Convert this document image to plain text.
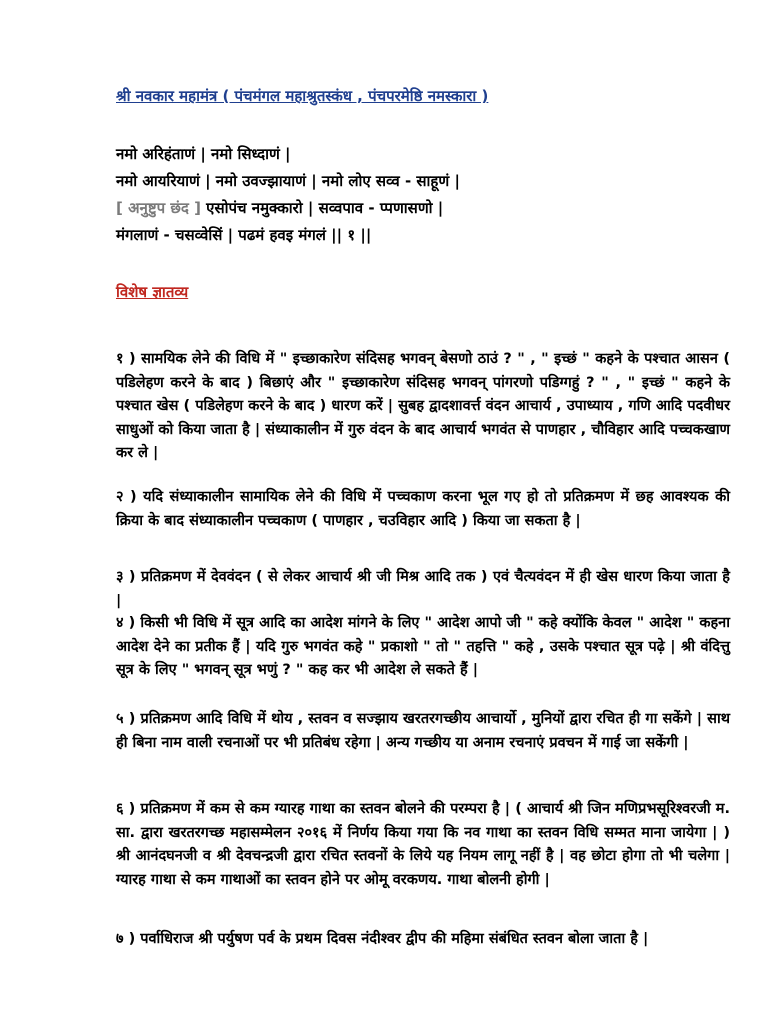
श्री नवकार महामंत्र ( पंचमंगल महाश्रुतस्कंध , पंचपरमेष्ठि नमस्कारा )
नमो अरिहंताणं | नमो सिध्दाणं |
नमो आयरियाणं | नमो उवज्झायाणं | नमो लोए सव्व - साहूणं |
[ अनुष्टुप छंद ] एसोपंच नमुक्कारो | सव्वपाव - प्पणासणो |
मंगलाणं - चसव्वेसिं | पढमं हवइ मंगलं || १ ||
विशेष ज्ञातव्य
१ ) सामयिक लेने की विधि में " इच्छाकारेण संदिसह भगवन् बेसणो ठाउं ? " , " इच्छं " कहने के पश्चात आसन ( पडिलेहण करने के बाद ) बिछाएं और " इच्छाकारेण संदिसह भगवन् पांगरणो पडिग्गहुं ? " , " इच्छं " कहने के पश्चात खेस ( पडिलेहण करने के बाद ) धारण करें | सुबह द्वादशावर्त्त वंदन आचार्य , उपाध्याय , गणि आदि पदवीधर साधुओं को किया जाता है | संध्याकालीन में गुरु वंदन के बाद आचार्य भगवंत से पाणहार , चौविहार आदि पच्चकखाण कर ले |
२ ) यदि संध्याकालीन सामायिक लेने की विधि में पच्चकाण करना भूल गए हो तो प्रतिक्रमण में छह आवश्यक की क्रिया के बाद संध्याकालीन पच्चकाण ( पाणहार , चउविहार आदि ) किया जा सकता है |
३ ) प्रतिक्रमण में देववंदन ( से लेकर आचार्य श्री जी मिश्र आदि तक ) एवं चैत्यवंदन में ही खेस धारण किया जाता है |
४ ) किसी भी विधि में सूत्र आदि का आदेश मांगने के लिए " आदेश आपो जी " कहे क्योंकि केवल " आदेश " कहना आदेश देने का प्रतीक हैं | यदि गुरु भगवंत कहे " प्रकाशो " तो " तहत्ति " कहे , उसके पश्चात सूत्र पढ़े | श्री वंदित्तु सूत्र के लिए " भगवन् सूत्र भणुं ? " कह कर भी आदेश ले सकते हैं |
५ ) प्रतिक्रमण आदि विधि में थोय , स्तवन व सज्झाय खरतरगच्छीय आचार्यो , मुनियों द्वारा रचित ही गा सकेंगे | साथ ही बिना नाम वाली रचनाओं पर भी प्रतिबंध रहेगा | अन्य गच्छीय या अनाम रचनाएं प्रवचन में गाई जा सकेंगी |
६ ) प्रतिक्रमण में कम से कम ग्यारह गाथा का स्तवन बोलने की परम्परा है | ( आचार्य श्री जिन मणिप्रभसूरिश्वरजी म. सा. द्वारा खरतरगच्छ महासम्मेलन २०१६ में निर्णय किया गया कि नव गाथा का स्तवन विधि सम्मत माना जायेगा | ) श्री आनंदघनजी व श्री देवचन्द्रजी द्वारा रचित स्तवनों के लिये यह नियम लागू नहीं है | वह छोटा होगा तो भी चलेगा | ग्यारह गाथा से कम गाथाओं का स्तवन होने पर ओमू वरकणय. गाथा बोलनी होगी |
७ ) पर्वाधिराज श्री पर्युषण पर्व के प्रथम दिवस नंदीश्वर द्वीप की महिमा संबंधित स्तवन बोला जाता है |
